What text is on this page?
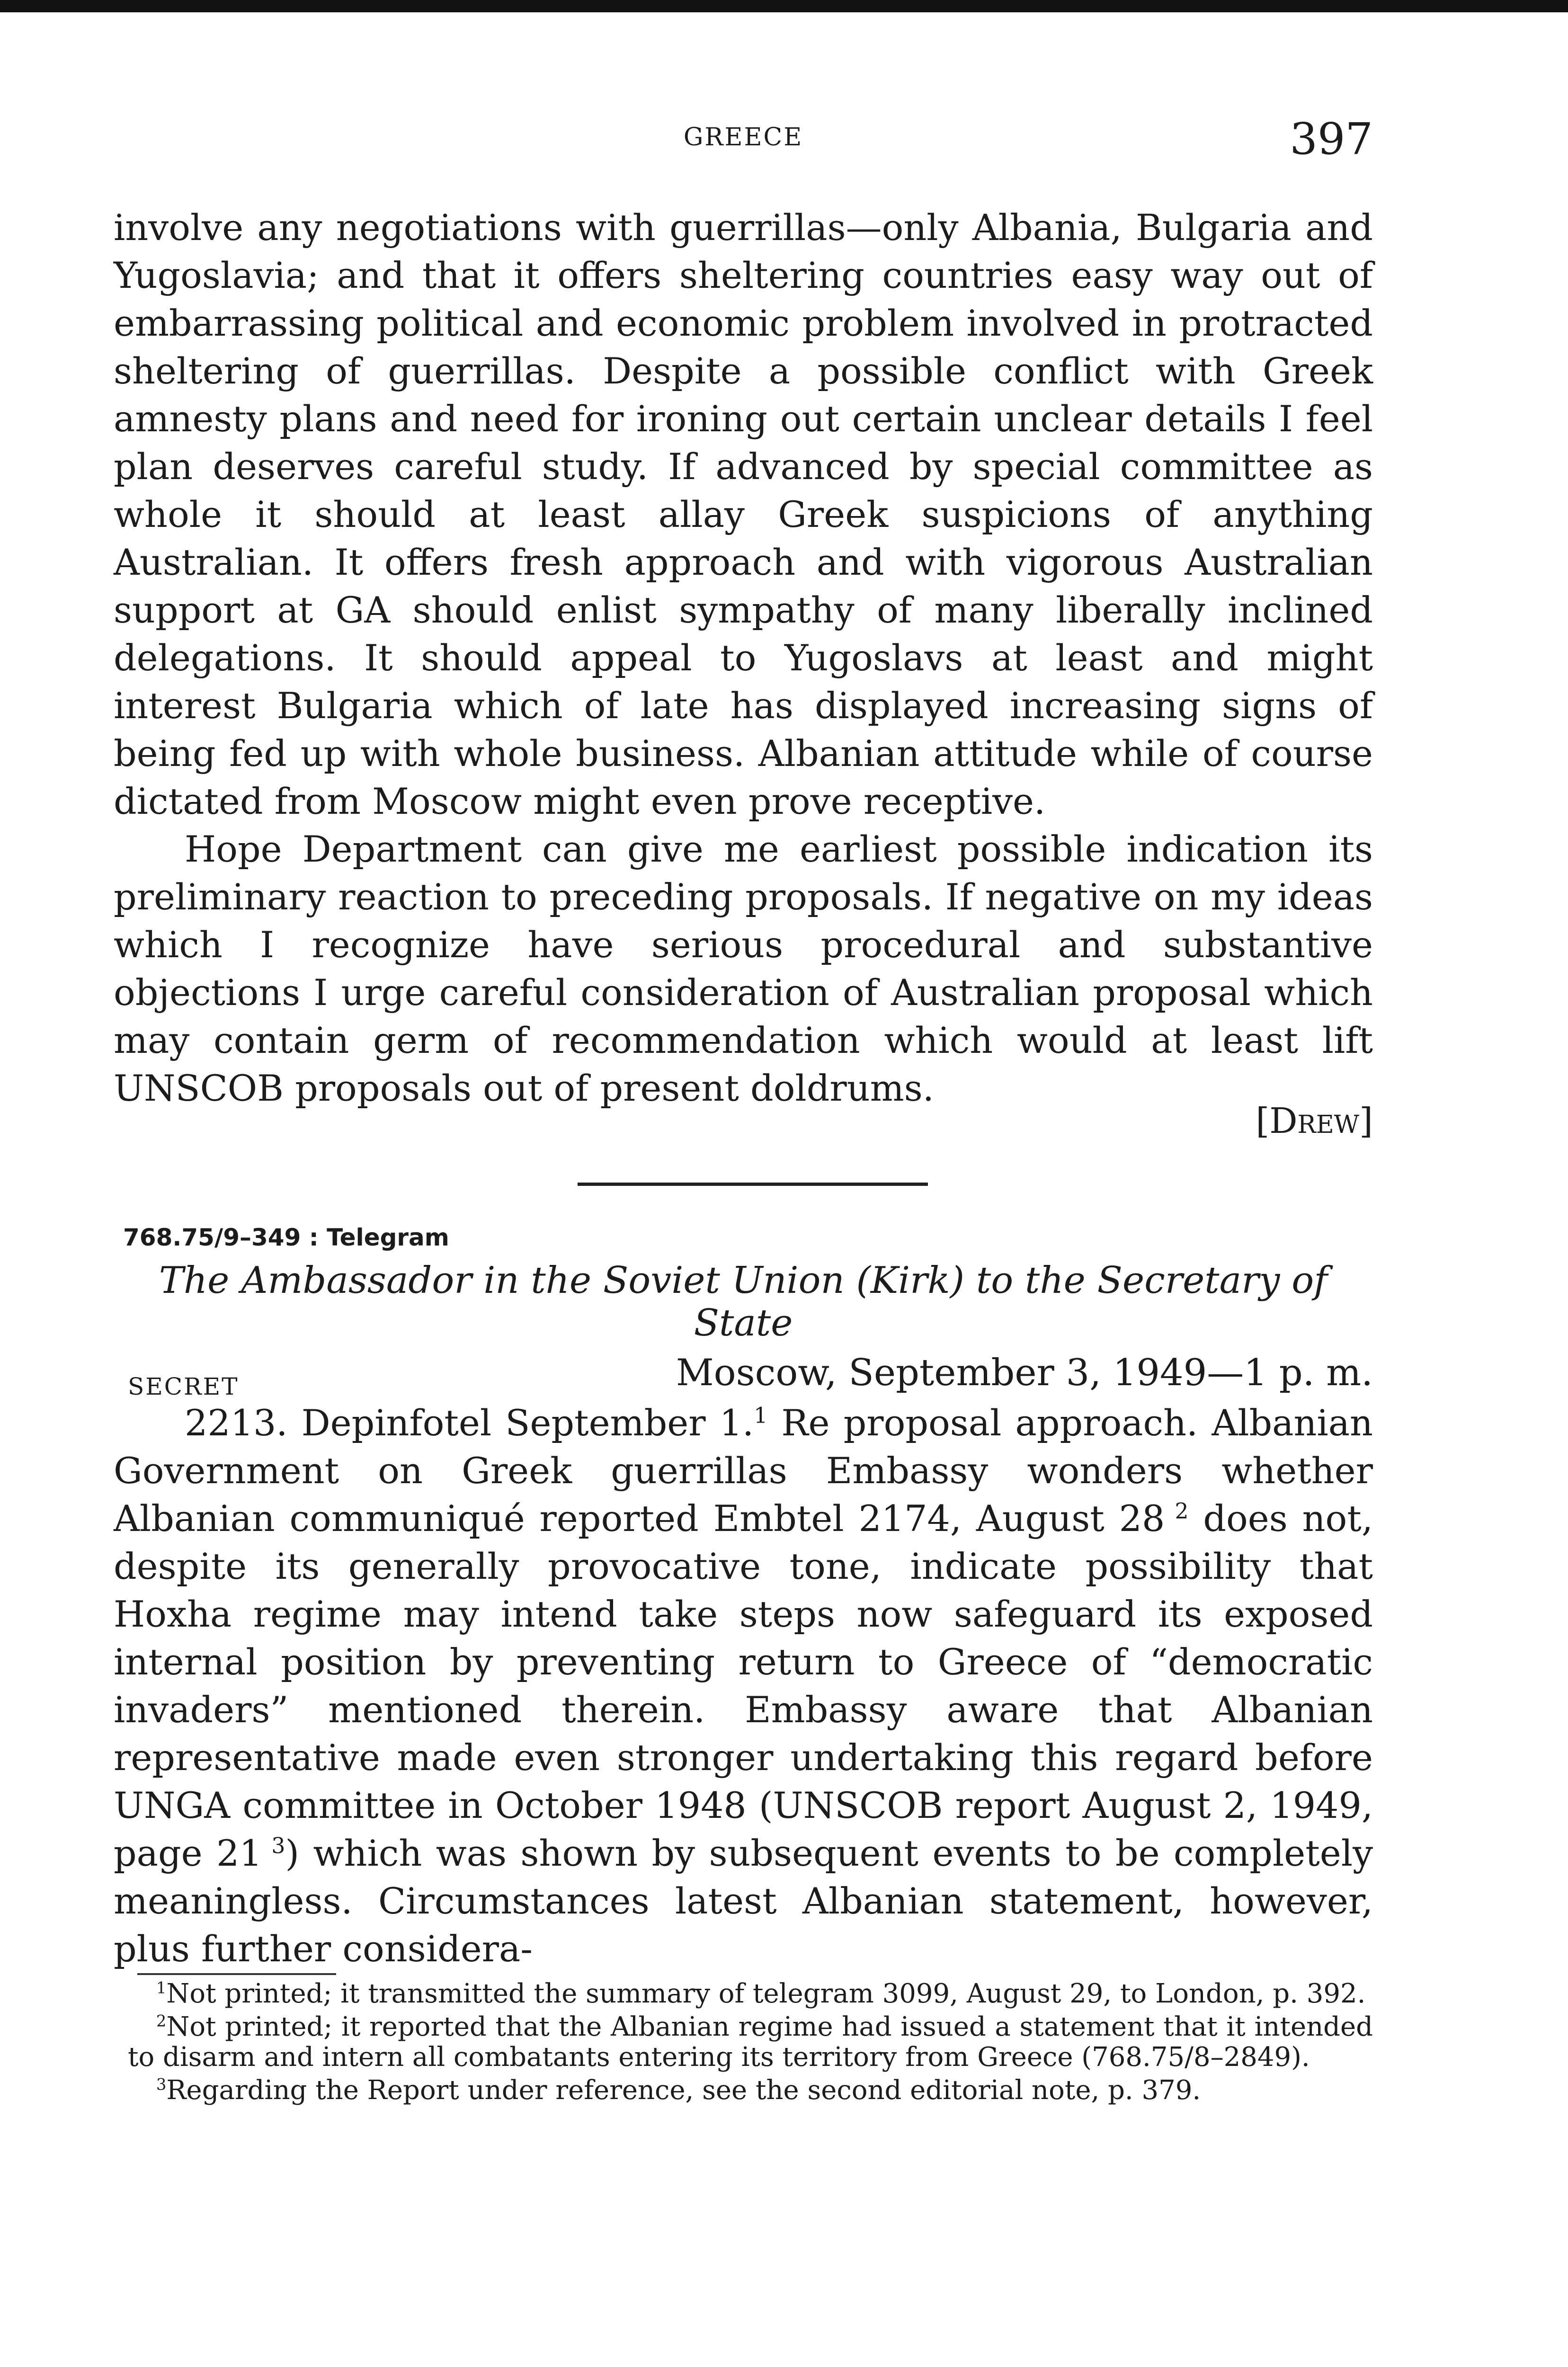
GREECE	397

involve any negotiations with guerrillas—only Albania, Bulgaria and Yugoslavia; and that it offers sheltering countries easy way out of embarrassing political and economic problem involved in protracted sheltering of guerrillas. Despite a possible conflict with Greek amnesty plans and need for ironing out certain unclear details I feel plan deserves careful study. If advanced by special committee as whole it should at least allay Greek suspicions of anything Australian. It offers fresh approach and with vigorous Australian support at GA should enlist sympathy of many liberally inclined delegations. It should appeal to Yugoslavs at least and might interest Bulgaria which of late has displayed increasing signs of being fed up with whole business. Albanian attitude while of course dictated from Moscow might even prove receptive.

Hope Department can give me earliest possible indication its preliminary reaction to preceding proposals. If negative on my ideas which I recognize have serious procedural and substantive objections I urge careful consideration of Australian proposal which may contain germ of recommendation which would at least lift UNSCOB proposals out of present doldrums.

[Drew]
768.75/9–349 : Telegram
The Ambassador in the Soviet Union (Kirk) to the Secretary of State
SECRET	Moscow, September 3, 1949—1 p. m.

2213. Depinfotel September 1.$^1$ Re proposal approach. Albanian Government on Greek guerrillas Embassy wonders whether Albanian communiqué reported Embtel 2174, August 28 $^2$ does not, despite its generally provocative tone, indicate possibility that Hoxha regime may intend take steps now safeguard its exposed internal position by preventing return to Greece of “democratic invaders” mentioned therein. Embassy aware that Albanian representative made even stronger undertaking this regard before UNGA committee in October 1948 (UNSCOB report August 2, 1949, page 21 $^3$) which was shown by subsequent events to be completely meaningless. Circumstances latest Albanian statement, however, plus further considera-

$^1$Not printed; it transmitted the summary of telegram 3099, August 29, to London, p. 392.

$^2$Not printed; it reported that the Albanian regime had issued a statement that it intended to disarm and intern all combatants entering its territory from Greece (768.75/8–2849).

$^3$Regarding the Report under reference, see the second editorial note, p. 379.
